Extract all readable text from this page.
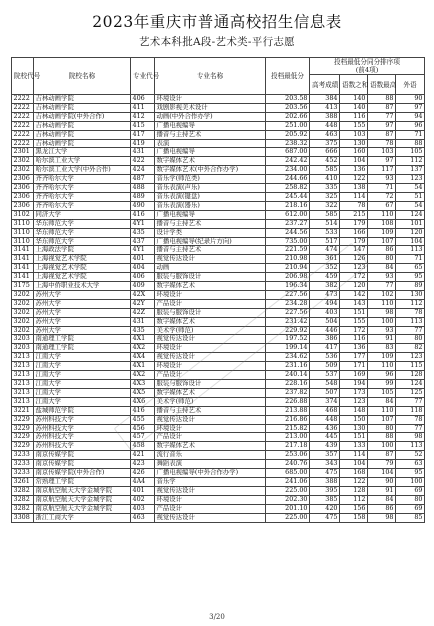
2023年重庆市普通高校招生信息表
艺术本科批A段-艺术类-平行志愿
院校代号	院校名称	专业代号	专业名称	投档最低分	投档最低分同分排序项
(前4项)			

					高考成绩	语数之和	语数最高	外语
2222	吉林动画学院	406	环境设计	203.58	384	140	88	90
2222	吉林动画学院	411	戏剧影视美术设计	203.56	413	140	87	97
2222	吉林动画学院(中外合作)	412	动画(中外合作办学)	202.66	388	116	77	94
2222	吉林动画学院	415	广播电视编导	251.00	448	155	97	96
2222	吉林动画学院	417	播音与主持艺术	205.92	463	103	87	71
2222	吉林动画学院	419	表演	238.32	375	130	78	88
2301	黑龙江大学	431	广播电视编导	687.00	666	160	103	105
2302	哈尔滨工业大学	422	数字媒体艺术	242.42	452	104	97	112
2302	哈尔滨工业大学(中外合作)	424	数字媒体艺术(中外合作办学)	234.00	585	136	117	137
2306	齐齐哈尔大学	487	音乐学(师范类)	244.66	410	122	93	123
2306	齐齐哈尔大学	488	音乐表演(声乐)	258.82	335	138	71	54
2306	齐齐哈尔大学	489	音乐表演(键盘)	245.44	325	114	72	51
2306	齐齐哈尔大学	490	音乐表演(器乐)	218.16	322	78	67	54
3102	同济大学	416	广播电视编导	612.00	585	215	110	124
3110	华东师范大学	4Y1	播音与主持艺术	237.27	514	179	108	101
3110	华东师范大学	435	设计学类	244.56	533	166	109	120
3110	华东师范大学	437	广播电视编导(纪录片方向)	735.00	517	179	107	104
3141	上海政法学院	4Y1	播音与主持艺术	221.59	474	147	86	113
3141	上海视觉艺术学院	401	视觉传达设计	210.98	361	126	80	71
3141	上海视觉艺术学院	404	动画	210.94	352	123	84	65
3141	上海视觉艺术学院	406	服装与服饰设计	206.98	459	172	93	95
3175	上海中侨职业技术大学	409	数字媒体艺术	196.34	382	120	77	89
3202	苏州大学	42X	环境设计	227.56	473	142	102	130
3202	苏州大学	42Y	产品设计	234.28	494	143	110	112
3202	苏州大学	42Z	服装与服饰设计	227.56	403	151	98	78
3202	苏州大学	431	数字媒体艺术	231.42	504	155	100	113
3202	苏州大学	435	美术学(师范)	229.92	446	172	93	77
3203	南通理工学院	4X1	视觉传达设计	197.52	386	116	91	80
3203	南通理工学院	4X2	环境设计	199.14	417	136	83	82
3213	江南大学	4X4	视觉传达设计	234.62	536	177	109	123
3213	江南大学	4X1	环境设计	231.16	509	171	110	115
3213	江南大学	4X2	产品设计	240.14	537	169	96	128
3213	江南大学	4X3	服装与服饰设计	228.16	548	194	99	124
3213	江南大学	4X5	数字媒体艺术	237.82	507	173	105	125
3213	江南大学	4X6	美术学(师范)	226.88	374	123	84	77
3221	盐城师范学院	416	播音与主持艺术	213.88	468	148	110	118
3229	苏州科技大学	455	视觉传达设计	216.86	448	150	107	78
3229	苏州科技大学	456	环境设计	215.82	436	130	80	77
3229	苏州科技大学	457	产品设计	213.00	445	151	88	98
3229	苏州科技大学	458	数字媒体艺术	217.18	439	133	100	113
3233	南京传媒学院	421	流行音乐	253.06	357	114	87	52
3233	南京传媒学院	423	舞蹈表演	240.76	343	104	79	63
3233	南京传媒学院(中外合作)	426	广播电视编导(中外合作办学)	685.00	475	168	104	95
3261	常熟理工学院	4A4	音乐学	241.06	388	122	90	100
3282	南京航空航天大学金城学院	401	视觉传达设计	225.00	395	128	91	69
3282	南京航空航天大学金城学院	402	环境设计	202.30	385	112	84	80
3282	南京航空航天大学金城学院	403	产品设计	201.10	420	156	86	69
3308	浙江工商大学	463	视觉传达设计	225.00	475	158	98	85
3/20
